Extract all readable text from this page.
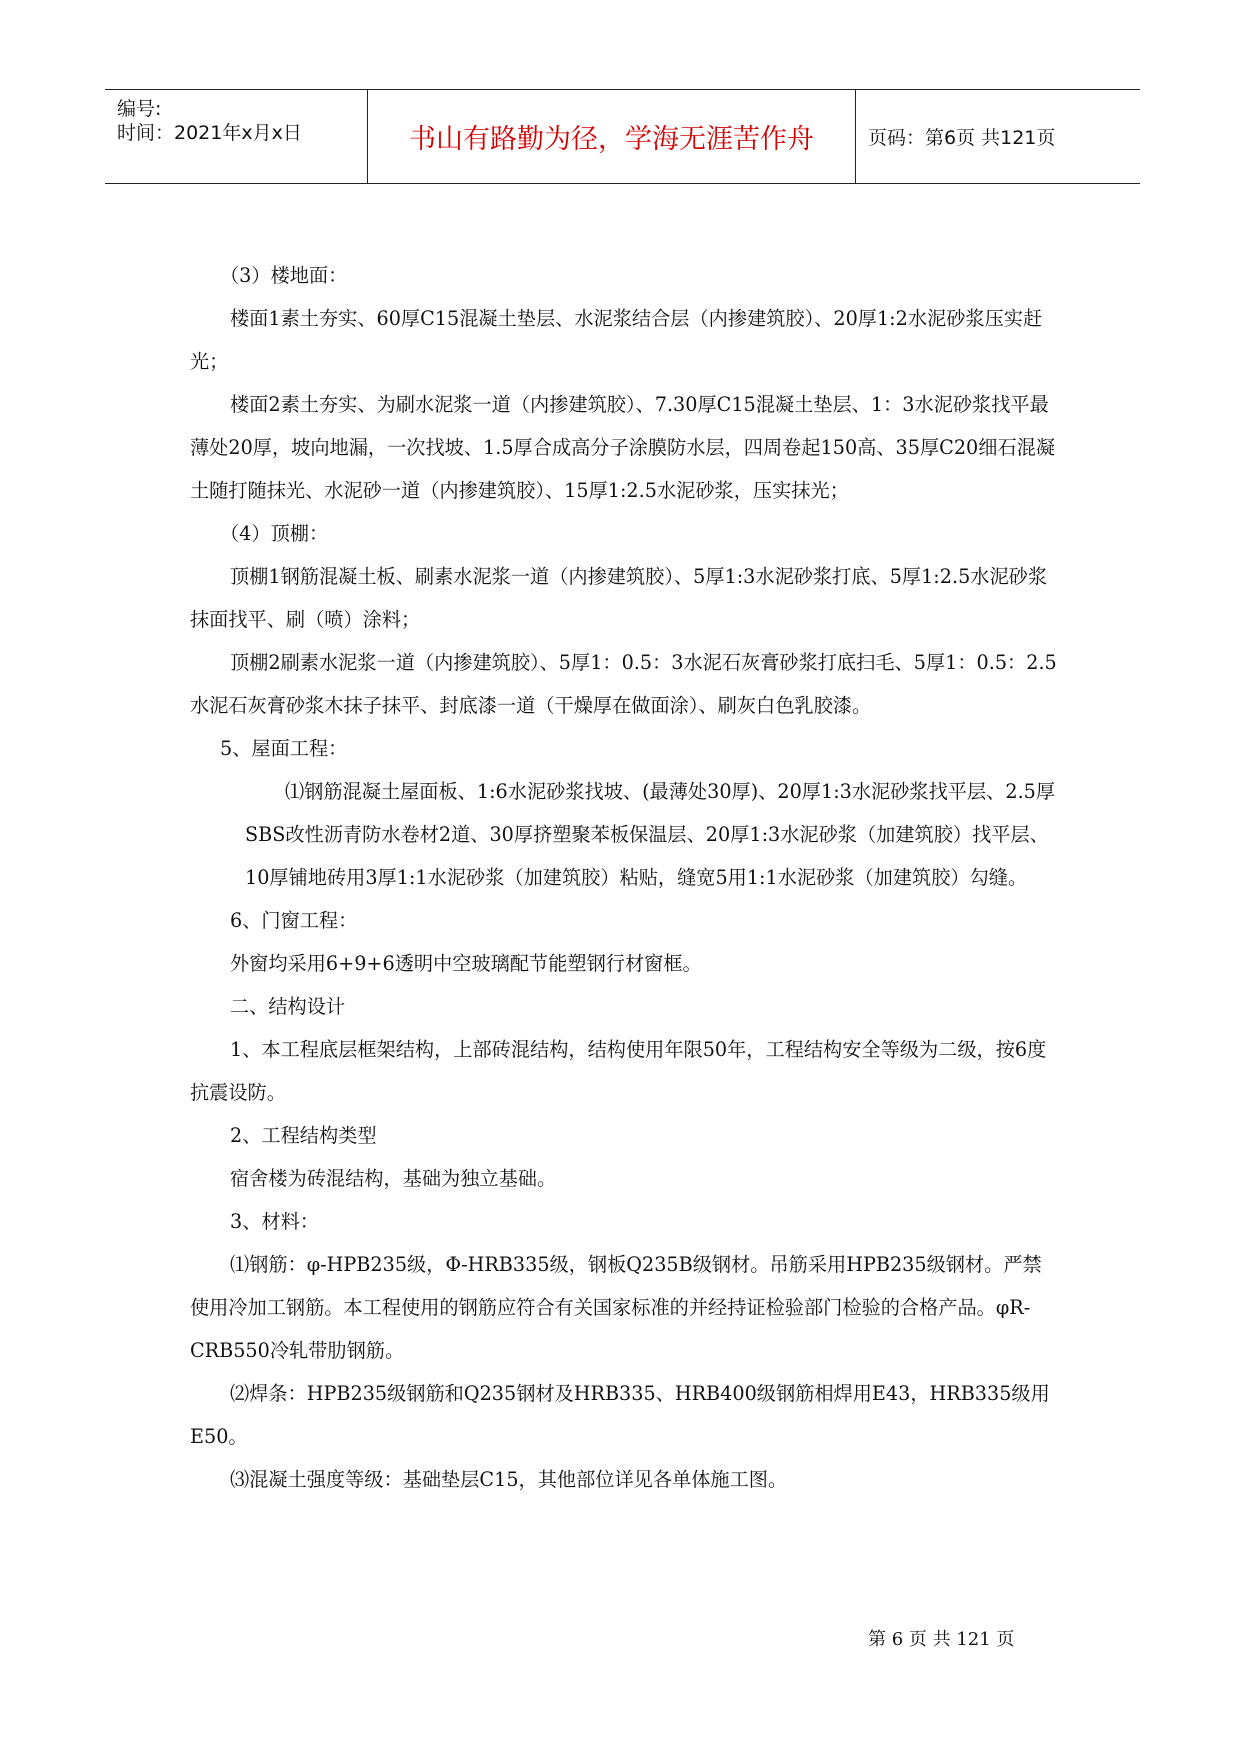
编号:
时间：2021年x月x日	书山有路勤为径，学海无涯苦作舟	页码：第6页 共121页

（3）楼地面：

楼面1素土夯实、60厚C15混凝土垫层、水泥浆结合层（内掺建筑胶）、20厚1:2水泥砂浆压实赶光；

楼面2素土夯实、为刷水泥浆一道（内掺建筑胶）、7.30厚C15混凝土垫层、1：3水泥砂浆找平最薄处20厚，坡向地漏，一次找坡、1.5厚合成高分子涂膜防水层，四周卷起150高、35厚C20细石混凝土随打随抹光、水泥砂一道（内掺建筑胶）、15厚1:2.5水泥砂浆，压实抹光；

（4）顶棚：

顶棚1钢筋混凝土板、刷素水泥浆一道（内掺建筑胶）、5厚1:3水泥砂浆打底、5厚1:2.5水泥砂浆抹面找平、刷（喷）涂料；

顶棚2刷素水泥浆一道（内掺建筑胶）、5厚1：0.5：3水泥石灰膏砂浆打底扫毛、5厚1：0.5：2.5水泥石灰膏砂浆木抹子抹平、封底漆一道（干燥厚在做面涂）、刷灰白色乳胶漆。

5、屋面工程：

⑴钢筋混凝土屋面板、1:6水泥砂浆找坡、(最薄处30厚)、20厚1:3水泥砂浆找平层、2.5厚SBS改性沥青防水卷材2道、30厚挤塑聚苯板保温层、20厚1:3水泥砂浆（加建筑胶）找平层、10厚铺地砖用3厚1:1水泥砂浆（加建筑胶）粘贴，缝宽5用1:1水泥砂浆（加建筑胶）勾缝。

6、门窗工程：

外窗均采用6+9+6透明中空玻璃配节能塑钢行材窗框。

二、结构设计

1、本工程底层框架结构，上部砖混结构，结构使用年限50年，工程结构安全等级为二级，按6度抗震设防。

2、工程结构类型

宿舍楼为砖混结构，基础为独立基础。

3、材料：

⑴钢筋：φ-HPB235级，Φ-HRB335级，钢板Q235B级钢材。吊筋采用HPB235级钢材。严禁使用冷加工钢筋。本工程使用的钢筋应符合有关国家标准的并经持证检验部门检验的合格产品。φR-CRB550冷轧带肋钢筋。

⑵焊条：HPB235级钢筋和Q235钢材及HRB335、HRB400级钢筋相焊用E43，HRB335级用E50。

⑶混凝土强度等级：基础垫层C15，其他部位详见各单体施工图。

第 6 页 共 121 页
